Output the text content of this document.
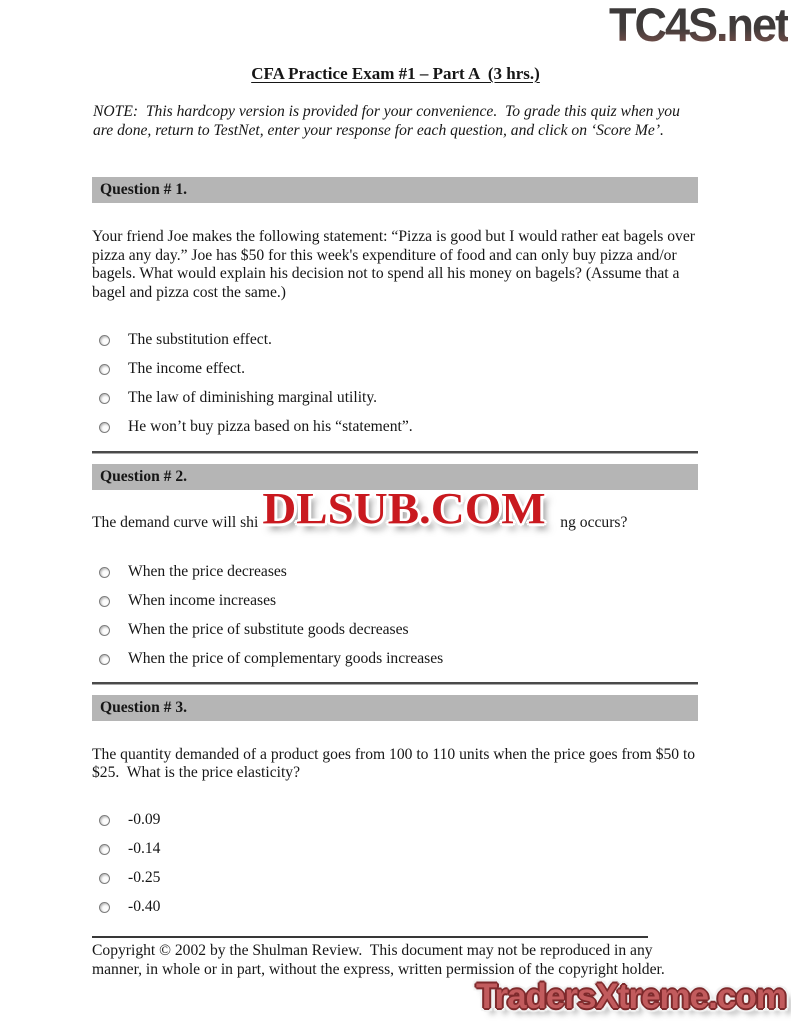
TC4S.net
CFA Practice Exam #1 – Part A  (3 hrs.)
NOTE:  This hardcopy version is provided for your convenience.  To grade this quiz when you are done, return to TestNet, enter your response for each question, and click on ‘Score Me’.
Question # 1.

Your friend Joe makes the following statement: “Pizza is good but I would rather eat bagels over pizza any day.” Joe has $50 for this week's expenditure of food and can only buy pizza and/or bagels. What would explain his decision not to spend all his money on bagels? (Assume that a bagel and pizza cost the same.)

The substitution effect.
The income effect.
The law of diminishing marginal utility.
He won’t buy pizza based on his “statement”.
Question # 2.

The demand curve will shi	ng occurs?

When the price decreases
When income increases
When the price of substitute goods decreases
When the price of complementary goods increases
Question # 3.

The quantity demanded of a product goes from 100 to 110 units when the price goes from $50 to $25.  What is the price elasticity?

-0.09
-0.14
-0.25
-0.40

Copyright © 2002 by the Shulman Review.  This document may not be reproduced in any manner, in whole or in part, without the express, written permission of the copyright holder.

DLSUB.COM
TradersXtreme.com
